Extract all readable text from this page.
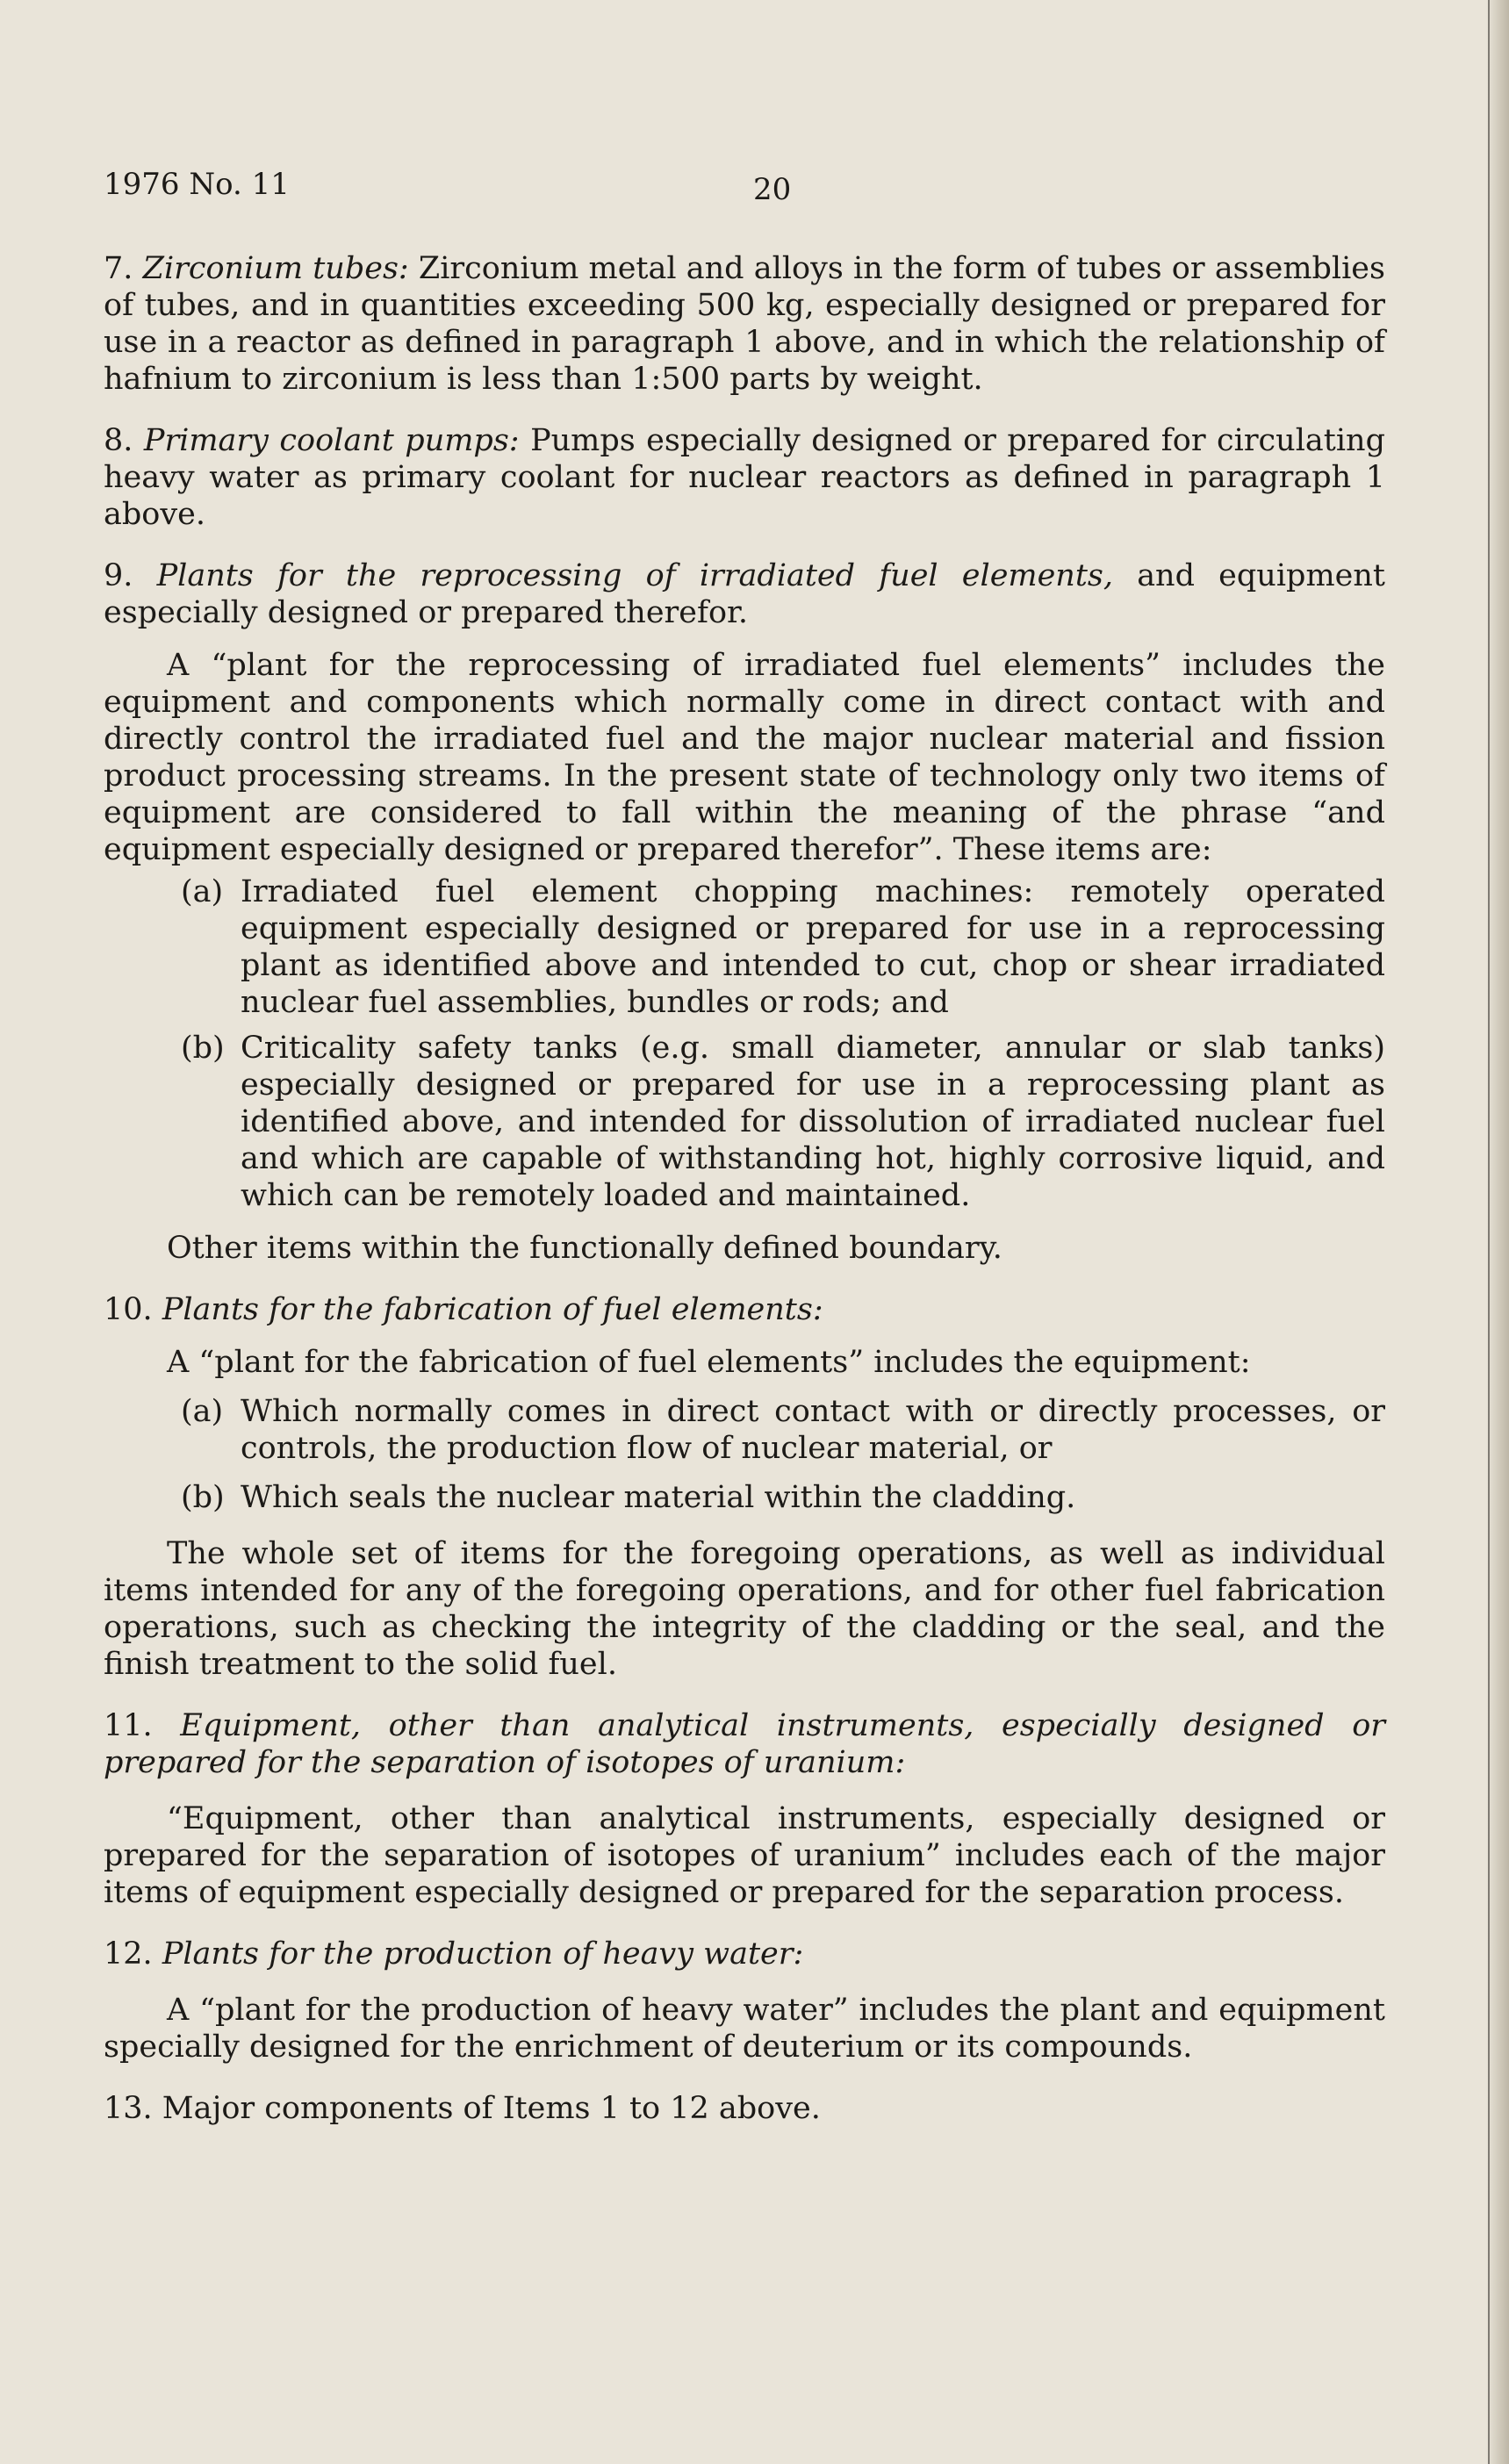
1976 No. 11	20

7. Zirconium tubes: Zirconium metal and alloys in the form of tubes or assemblies of tubes, and in quantities exceeding 500 kg, especially designed or prepared for use in a reactor as defined in paragraph 1 above, and in which the relationship of hafnium to zirconium is less than 1:500 parts by weight.

8. Primary coolant pumps: Pumps especially designed or prepared for circulating heavy water as primary coolant for nuclear reactors as defined in paragraph 1 above.

9. Plants for the reprocessing of irradiated fuel elements, and equipment especially designed or prepared therefor.

A “plant for the reprocessing of irradiated fuel elements” includes the equipment and components which normally come in direct contact with and directly control the irradiated fuel and the major nuclear material and fission product processing streams. In the present state of technology only two items of equipment are considered to fall within the meaning of the phrase “and equipment especially designed or prepared therefor”. These items are:

(a) Irradiated fuel element chopping machines: remotely operated equipment especially designed or prepared for use in a reprocessing plant as identified above and intended to cut, chop or shear irradiated nuclear fuel assemblies, bundles or rods; and
(b) Criticality safety tanks (e.g. small diameter, annular or slab tanks) especially designed or prepared for use in a reprocessing plant as identified above, and intended for dissolution of irradiated nuclear fuel and which are capable of withstanding hot, highly corrosive liquid, and which can be remotely loaded and maintained.

Other items within the functionally defined boundary.

10. Plants for the fabrication of fuel elements:

A “plant for the fabrication of fuel elements” includes the equipment:

(a) Which normally comes in direct contact with or directly processes, or controls, the production flow of nuclear material, or
(b) Which seals the nuclear material within the cladding.

The whole set of items for the foregoing operations, as well as individual items intended for any of the foregoing operations, and for other fuel fabrication operations, such as checking the integrity of the cladding or the seal, and the finish treatment to the solid fuel.

11. Equipment, other than analytical instruments, especially designed or prepared for the separation of isotopes of uranium:

“Equipment, other than analytical instruments, especially designed or prepared for the separation of isotopes of uranium” includes each of the major items of equipment especially designed or prepared for the separation process.

12. Plants for the production of heavy water:

A “plant for the production of heavy water” includes the plant and equipment specially designed for the enrichment of deuterium or its compounds.

13. Major components of Items 1 to 12 above.
